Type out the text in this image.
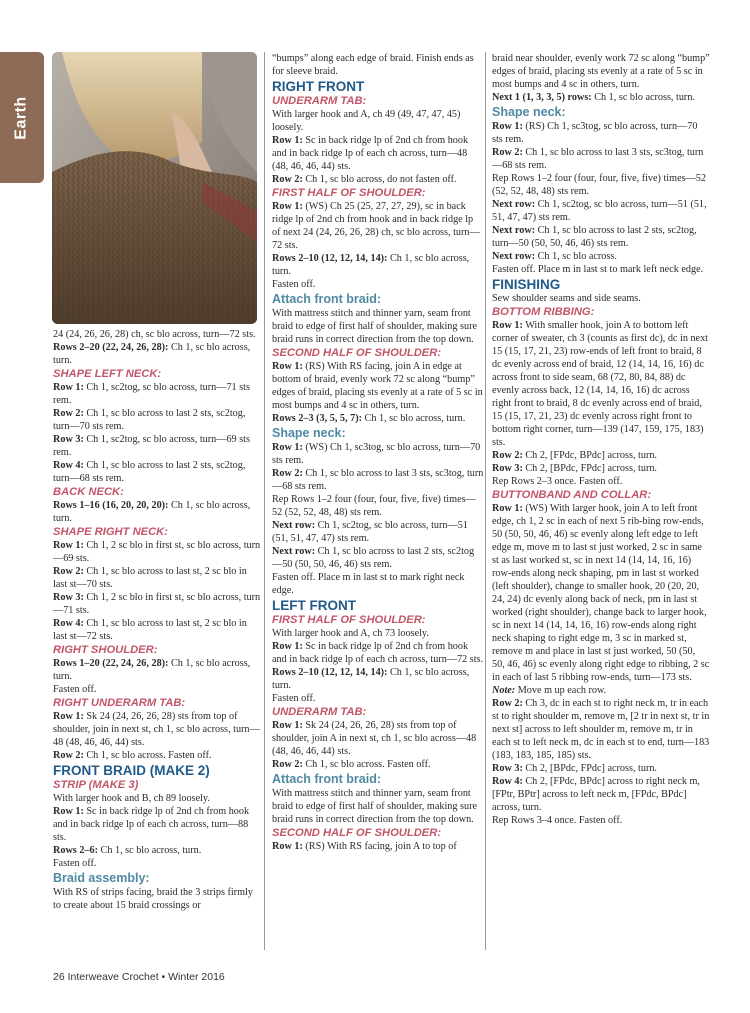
Earth

24 (24, 26, 26, 28) ch, sc blo across, turn—72 sts.

Rows 2–20 (22, 24, 26, 28): Ch 1, sc blo across, turn.

SHAPE LEFT NECK:

Row 1: Ch 1, sc2tog, sc blo across, turn—71 sts rem.

Row 2: Ch 1, sc blo across to last 2 sts, sc2tog, turn—70 sts rem.

Row 3: Ch 1, sc2tog, sc blo across, turn—69 sts rem.

Row 4: Ch 1, sc blo across to last 2 sts, sc2tog, turn—68 sts rem.

BACK NECK:

Rows 1–16 (16, 20, 20, 20): Ch 1, sc blo across, turn.

SHAPE RIGHT NECK:

Row 1: Ch 1, 2 sc blo in first st, sc blo across, turn—69 sts.

Row 2: Ch 1, sc blo across to last st, 2 sc blo in last st—70 sts.

Row 3: Ch 1, 2 sc blo in first st, sc blo across, turn—71 sts.

Row 4: Ch 1, sc blo across to last st, 2 sc blo in last st—72 sts.

RIGHT SHOULDER:

Rows 1–20 (22, 24, 26, 28): Ch 1, sc blo across, turn.

Fasten off.

RIGHT UNDERARM TAB:

Row 1: Sk 24 (24, 26, 26, 28) sts from top of shoulder, join in next st, ch 1, sc blo across, turn—48 (48, 46, 46, 44) sts.

Row 2: Ch 1, sc blo across. Fasten off.

FRONT BRAID (MAKE 2)
STRIP (MAKE 3)

With larger hook and B, ch 89 loosely.

Row 1: Sc in back ridge lp of 2nd ch from hook and in back ridge lp of each ch across, turn—88 sts.

Rows 2–6: Ch 1, sc blo across, turn.

Fasten off.

Braid assembly:

With RS of strips facing, braid the 3 strips firmly to create about 15 braid crossings or

“bumps” along each edge of braid. Finish ends as for sleeve braid.

RIGHT FRONT
UNDERARM TAB:

With larger hook and A, ch 49 (49, 47, 47, 45) loosely.

Row 1: Sc in back ridge lp of 2nd ch from hook and in back ridge lp of each ch across, turn—48 (48, 46, 46, 44) sts.

Row 2: Ch 1, sc blo across, do not fasten off.

FIRST HALF OF SHOULDER:

Row 1: (WS) Ch 25 (25, 27, 27, 29), sc in back ridge lp of 2nd ch from hook and in back ridge lp of next 24 (24, 26, 26, 28) ch, sc blo across, turn—72 sts.

Rows 2–10 (12, 12, 14, 14): Ch 1, sc blo across, turn.

Fasten off.

Attach front braid:

With mattress stitch and thinner yarn, seam front braid to edge of first half of shoulder, making sure braid runs in correct direction from the top down.

SECOND HALF OF SHOULDER:

Row 1: (RS) With RS facing, join A in edge at bottom of braid, evenly work 72 sc along “bump” edges of braid, placing sts evenly at a rate of 5 sc in most bumps and 4 sc in others, turn.

Rows 2–3 (3, 5, 5, 7): Ch 1, sc blo across, turn.

Shape neck:

Row 1: (WS) Ch 1, sc3tog, sc blo across, turn—70 sts rem.

Row 2: Ch 1, sc blo across to last 3 sts, sc3tog, turn—68 sts rem.

Rep Rows 1–2 four (four, four, five, five) times—52 (52, 52, 48, 48) sts rem.

Next row: Ch 1, sc2tog, sc blo across, turn—51 (51, 51, 47, 47) sts rem.

Next row: Ch 1, sc blo across to last 2 sts, sc2tog—50 (50, 50, 46, 46) sts rem.

Fasten off. Place m in last st to mark right neck edge.

LEFT FRONT
FIRST HALF OF SHOULDER:

With larger hook and A, ch 73 loosely.

Row 1: Sc in back ridge lp of 2nd ch from hook and in back ridge lp of each ch across, turn—72 sts.

Rows 2–10 (12, 12, 14, 14): Ch 1, sc blo across, turn.

Fasten off.

UNDERARM TAB:

Row 1: Sk 24 (24, 26, 26, 28) sts from top of shoulder, join A in next st, ch 1, sc blo across—48 (48, 46, 46, 44) sts.

Row 2: Ch 1, sc blo across. Fasten off.

Attach front braid:

With mattress stitch and thinner yarn, seam front braid to edge of first half of shoulder, making sure braid runs in correct direction from the top down.

SECOND HALF OF SHOULDER:

Row 1: (RS) With RS facing, join A to top of

braid near shoulder, evenly work 72 sc along “bump” edges of braid, placing sts evenly at a rate of 5 sc in most bumps and 4 sc in others, turn.

Next 1 (1, 3, 3, 5) rows: Ch 1, sc blo across, turn.

Shape neck:

Row 1: (RS) Ch 1, sc3tog, sc blo across, turn—70 sts rem.

Row 2: Ch 1, sc blo across to last 3 sts, sc3tog, turn—68 sts rem.

Rep Rows 1–2 four (four, four, five, five) times—52 (52, 52, 48, 48) sts rem.

Next row: Ch 1, sc2tog, sc blo across, turn—51 (51, 51, 47, 47) sts rem.

Next row: Ch 1, sc blo across to last 2 sts, sc2tog, turn—50 (50, 50, 46, 46) sts rem.

Next row: Ch 1, sc blo across.

Fasten off. Place m in last st to mark left neck edge.

FINISHING

Sew shoulder seams and side seams.

BOTTOM RIBBING:

Row 1: With smaller hook, join A to bottom left corner of sweater, ch 3 (counts as first dc), dc in next 15 (15, 17, 21, 23) row-ends of left front to braid, 8 dc evenly across end of braid, 12 (14, 14, 16, 16) dc across front to side seam, 68 (72, 80, 84, 88) dc evenly across back, 12 (14, 14, 16, 16) dc across right front to braid, 8 dc evenly across end of braid, 15 (15, 17, 21, 23) dc evenly across right front to bottom right corner, turn—139 (147, 159, 175, 183) sts.

Row 2: Ch 2, [FPdc, BPdc] across, turn.

Row 3: Ch 2, [BPdc, FPdc] across, turn.

Rep Rows 2–3 once. Fasten off.

BUTTONBAND AND COLLAR:

Row 1: (WS) With larger hook, join A to left front edge, ch 1, 2 sc in each of next 5 rib-bing row-ends, 50 (50, 50, 46, 46) sc evenly along left edge to left edge m, move m to last st just worked, 2 sc in same st as last worked st, sc in next 14 (14, 14, 16, 16) row-ends along neck shaping, pm in last st worked (left shoulder), change to smaller hook, 20 (20, 20, 24, 24) dc evenly along back of neck, pm in last st worked (right shoulder), change back to larger hook, sc in next 14 (14, 14, 16, 16) row-ends along right neck shaping to right edge m, 3 sc in marked st, remove m and place in last st just worked, 50 (50, 50, 46, 46) sc evenly along right edge to ribbing, 2 sc in each of last 5 ribbing row-ends, turn—173 sts.

Note: Move m up each row.

Row 2: Ch 3, dc in each st to right neck m, tr in each st to right shoulder m, remove m, [2 tr in next st, tr in next st] across to left shoulder m, remove m, tr in each st to left neck m, dc in each st to end, turn—183 (183, 183, 185, 185) sts.

Row 3: Ch 2, [BPdc, FPdc] across, turn.

Row 4: Ch 2, [FPdc, BPdc] across to right neck m, [FPtr, BPtr] across to left neck m, [FPdc, BPdc] across, turn.

Rep Rows 3–4 once. Fasten off.

26 Interweave Crochet • Winter 2016
